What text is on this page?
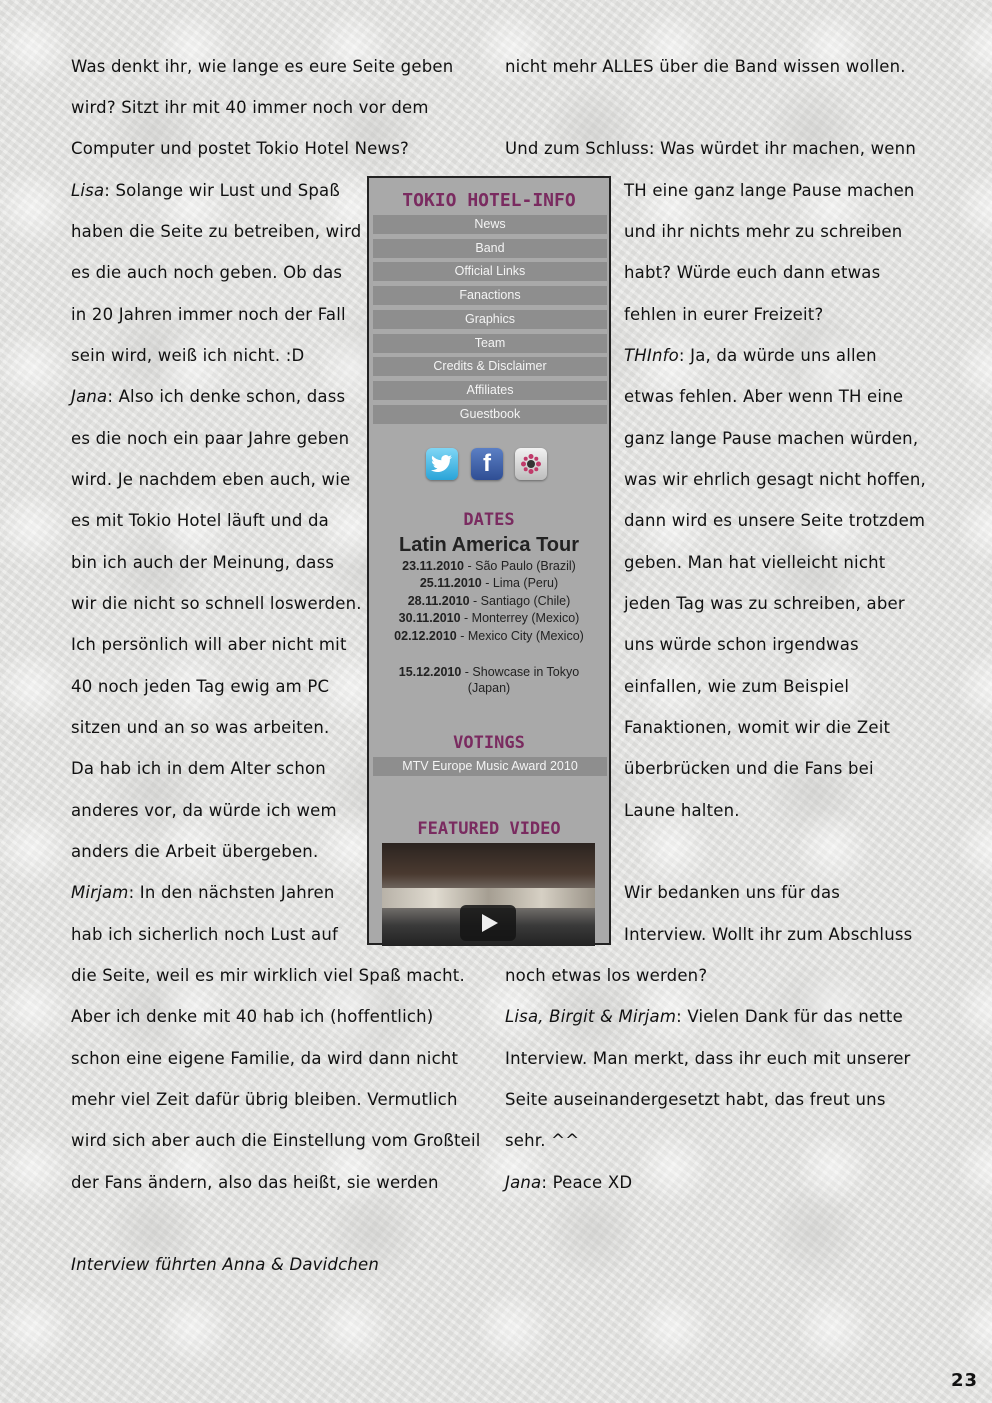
Was denkt ihr, wie lange es eure Seite geben
wird? Sitzt ihr mit 40 immer noch vor dem
Computer und postet Tokio Hotel News?
Lisa: Solange wir Lust und Spaß
haben die Seite zu betreiben, wird
es die auch noch geben. Ob das
in 20 Jahren immer noch der Fall
sein wird, weiß ich nicht. :D
Jana: Also ich denke schon, dass
es die noch ein paar Jahre geben
wird. Je nachdem eben auch, wie
es mit Tokio Hotel läuft und da
bin ich auch der Meinung, dass
wir die nicht so schnell loswerden.
Ich persönlich will aber nicht mit
40 noch jeden Tag ewig am PC
sitzen und an so was arbeiten.
Da hab ich in dem Alter schon
anderes vor, da würde ich wem
anders die Arbeit übergeben.
Mirjam: In den nächsten Jahren
hab ich sicherlich noch Lust auf
die Seite, weil es mir wirklich viel Spaß macht.
Aber ich denke mit 40 hab ich (hoffentlich)
schon eine eigene Familie, da wird dann nicht
mehr viel Zeit dafür übrig bleiben. Vermutlich
wird sich aber auch die Einstellung vom Großteil
der Fans ändern, also das heißt, sie werden
nicht mehr ALLES über die Band wissen wollen.
Und zum Schluss: Was würdet ihr machen, wenn
TH eine ganz lange Pause machen
und ihr nichts mehr zu schreiben
habt? Würde euch dann etwas
fehlen in eurer Freizeit?
THInfo: Ja, da würde uns allen
etwas fehlen. Aber wenn TH eine
ganz lange Pause machen würden,
was wir ehrlich gesagt nicht hoffen,
dann wird es unsere Seite trotzdem
geben. Man hat vielleicht nicht
jeden Tag was zu schreiben, aber
uns würde schon irgendwas
einfallen, wie zum Beispiel
Fanaktionen, womit wir die Zeit
überbrücken und die Fans bei
Laune halten.
Wir bedanken uns für das
Interview. Wollt ihr zum Abschluss
noch etwas los werden?
Lisa, Birgit & Mirjam: Vielen Dank für das nette
Interview. Man merkt, dass ihr euch mit unserer
Seite auseinandergesetzt habt, das freut uns
sehr. ^^
Jana: Peace XD
Interview führten Anna & Davidchen
23
TOKIO HOTEL-INFO
News
Band
Official Links
Fanactions
Graphics
Team
Credits & Disclaimer
Affiliates
Guestbook
f
DATES
Latin America Tour
23.11.2010 - São Paulo (Brazil)
25.11.2010 - Lima (Peru)
28.11.2010 - Santiago (Chile)
30.11.2010 - Monterrey (Mexico)
02.12.2010 - Mexico City (Mexico)
15.12.2010 - Showcase in Tokyo
(Japan)
VOTINGS
MTV Europe Music Award 2010
FEATURED VIDEO
